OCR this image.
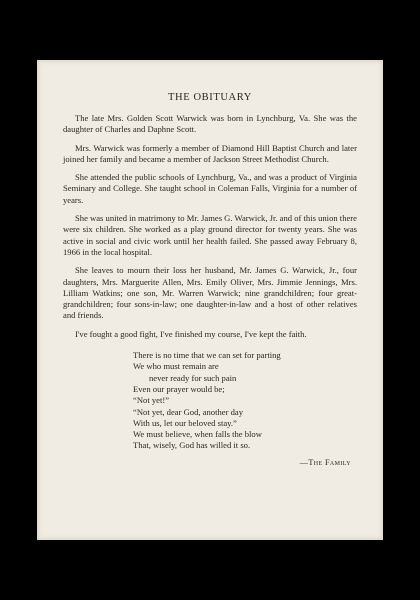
THE OBITUARY

The late Mrs. Golden Scott Warwick was born in Lynchburg, Va. She was the daughter of Charles and Daphne Scott.

Mrs. Warwick was formerly a member of Diamond Hill Baptist Church and later joined her family and became a member of Jackson Street Methodist Church.

She attended the public schools of Lynchburg, Va., and was a product of Virginia Seminary and College. She taught school in Coleman Falls, Virginia for a number of years.

She was united in matrimony to Mr. James G. Warwick, Jr. and of this union there were six children. She worked as a play ground director for twenty years. She was active in social and civic work until her health failed. She passed away February 8, 1966 in the local hospital.

She leaves to mourn their loss her husband, Mr. James G. Warwick, Jr., four daughters, Mrs. Marguerite Allen, Mrs. Emily Oliver, Mrs. Jimmie Jennings, Mrs. Lilliam Watkins; one son, Mr. Warren Warwick; nine grandchildren; four great-grandchildren; four sons-in-law; one daughter-in-law and a host of other relatives and friends.

I've fought a good fight, I've finished my course, I've kept the faith.

There is no time that we can set for parting
We who must remain are
never ready for such pain
Even our prayer would be;
“Not yet!”
“Not yet, dear God, another day
With us, let our beloved stay.”
We must believe, when falls the blow
That, wisely, God has willed it so.
—The Family
